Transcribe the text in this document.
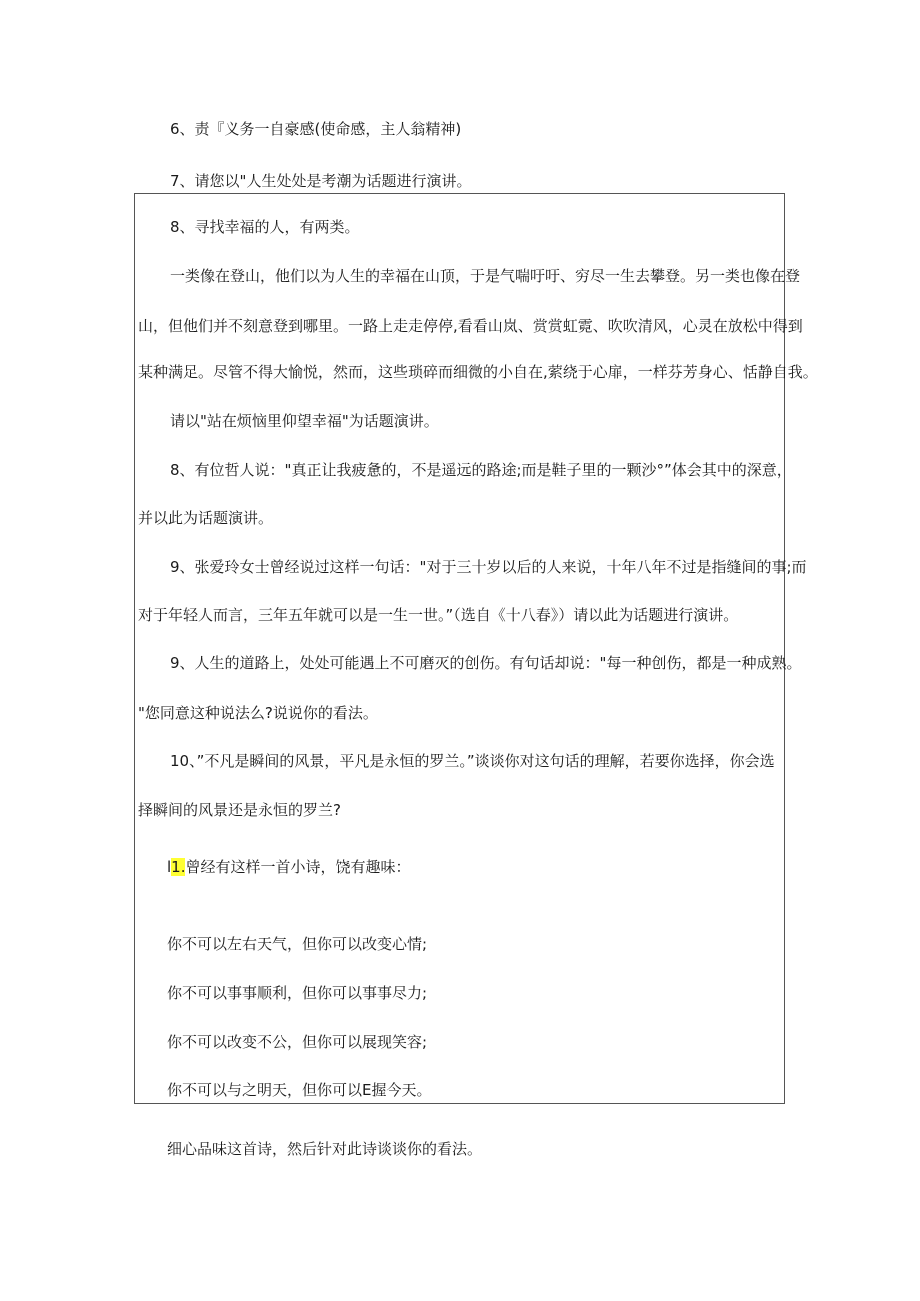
6、责『义务一自豪感(使命感，主人翁精神)
7、请您以"人生处处是考潮为话题进行演讲。
8、寻找幸福的人，有两类。
一类像在登山，他们以为人生的幸福在山顶，于是气喘吁吁、穷尽一生去攀登。另一类也像在登
山，但他们并不刻意登到哪里。一路上走走停停,看看山岚、赏赏虹霓、吹吹清风，心灵在放松中得到
某种满足。尽管不得大愉悦，然而，这些琐碎而细微的小自在,萦绕于心扉，一样芬芳身心、恬静自我。
请以"站在烦恼里仰望幸福"为话题演讲。
8、有位哲人说："真正让我疲惫的，不是遥远的路途;而是鞋子里的一颗沙°”体会其中的深意，
并以此为话题演讲。
9、张爱玲女士曾经说过这样一句话："对于三十岁以后的人来说，十年八年不过是指缝间的事;而
对于年轻人而言，三年五年就可以是一生一世。”（选自《十八春》）请以此为话题进行演讲。
9、人生的道路上，处处可能遇上不可磨灭的创伤。有句话却说："每一种创伤，都是一种成熟。
"您同意这种说法么?说说你的看法。
10、”不凡是瞬间的风景，平凡是永恒的罗兰。”谈谈你对这句话的理解，若要你选择，你会选
择瞬间的风景还是永恒的罗兰?
l1.曾经有这样一首小诗，饶有趣味：
你不可以左右天气，但你可以改变心情;
你不可以事事顺利，但你可以事事尽力;
你不可以改变不公，但你可以展现笑容;
你不可以与之明天，但你可以E握今天。
细心品味这首诗，然后针对此诗谈谈你的看法。
